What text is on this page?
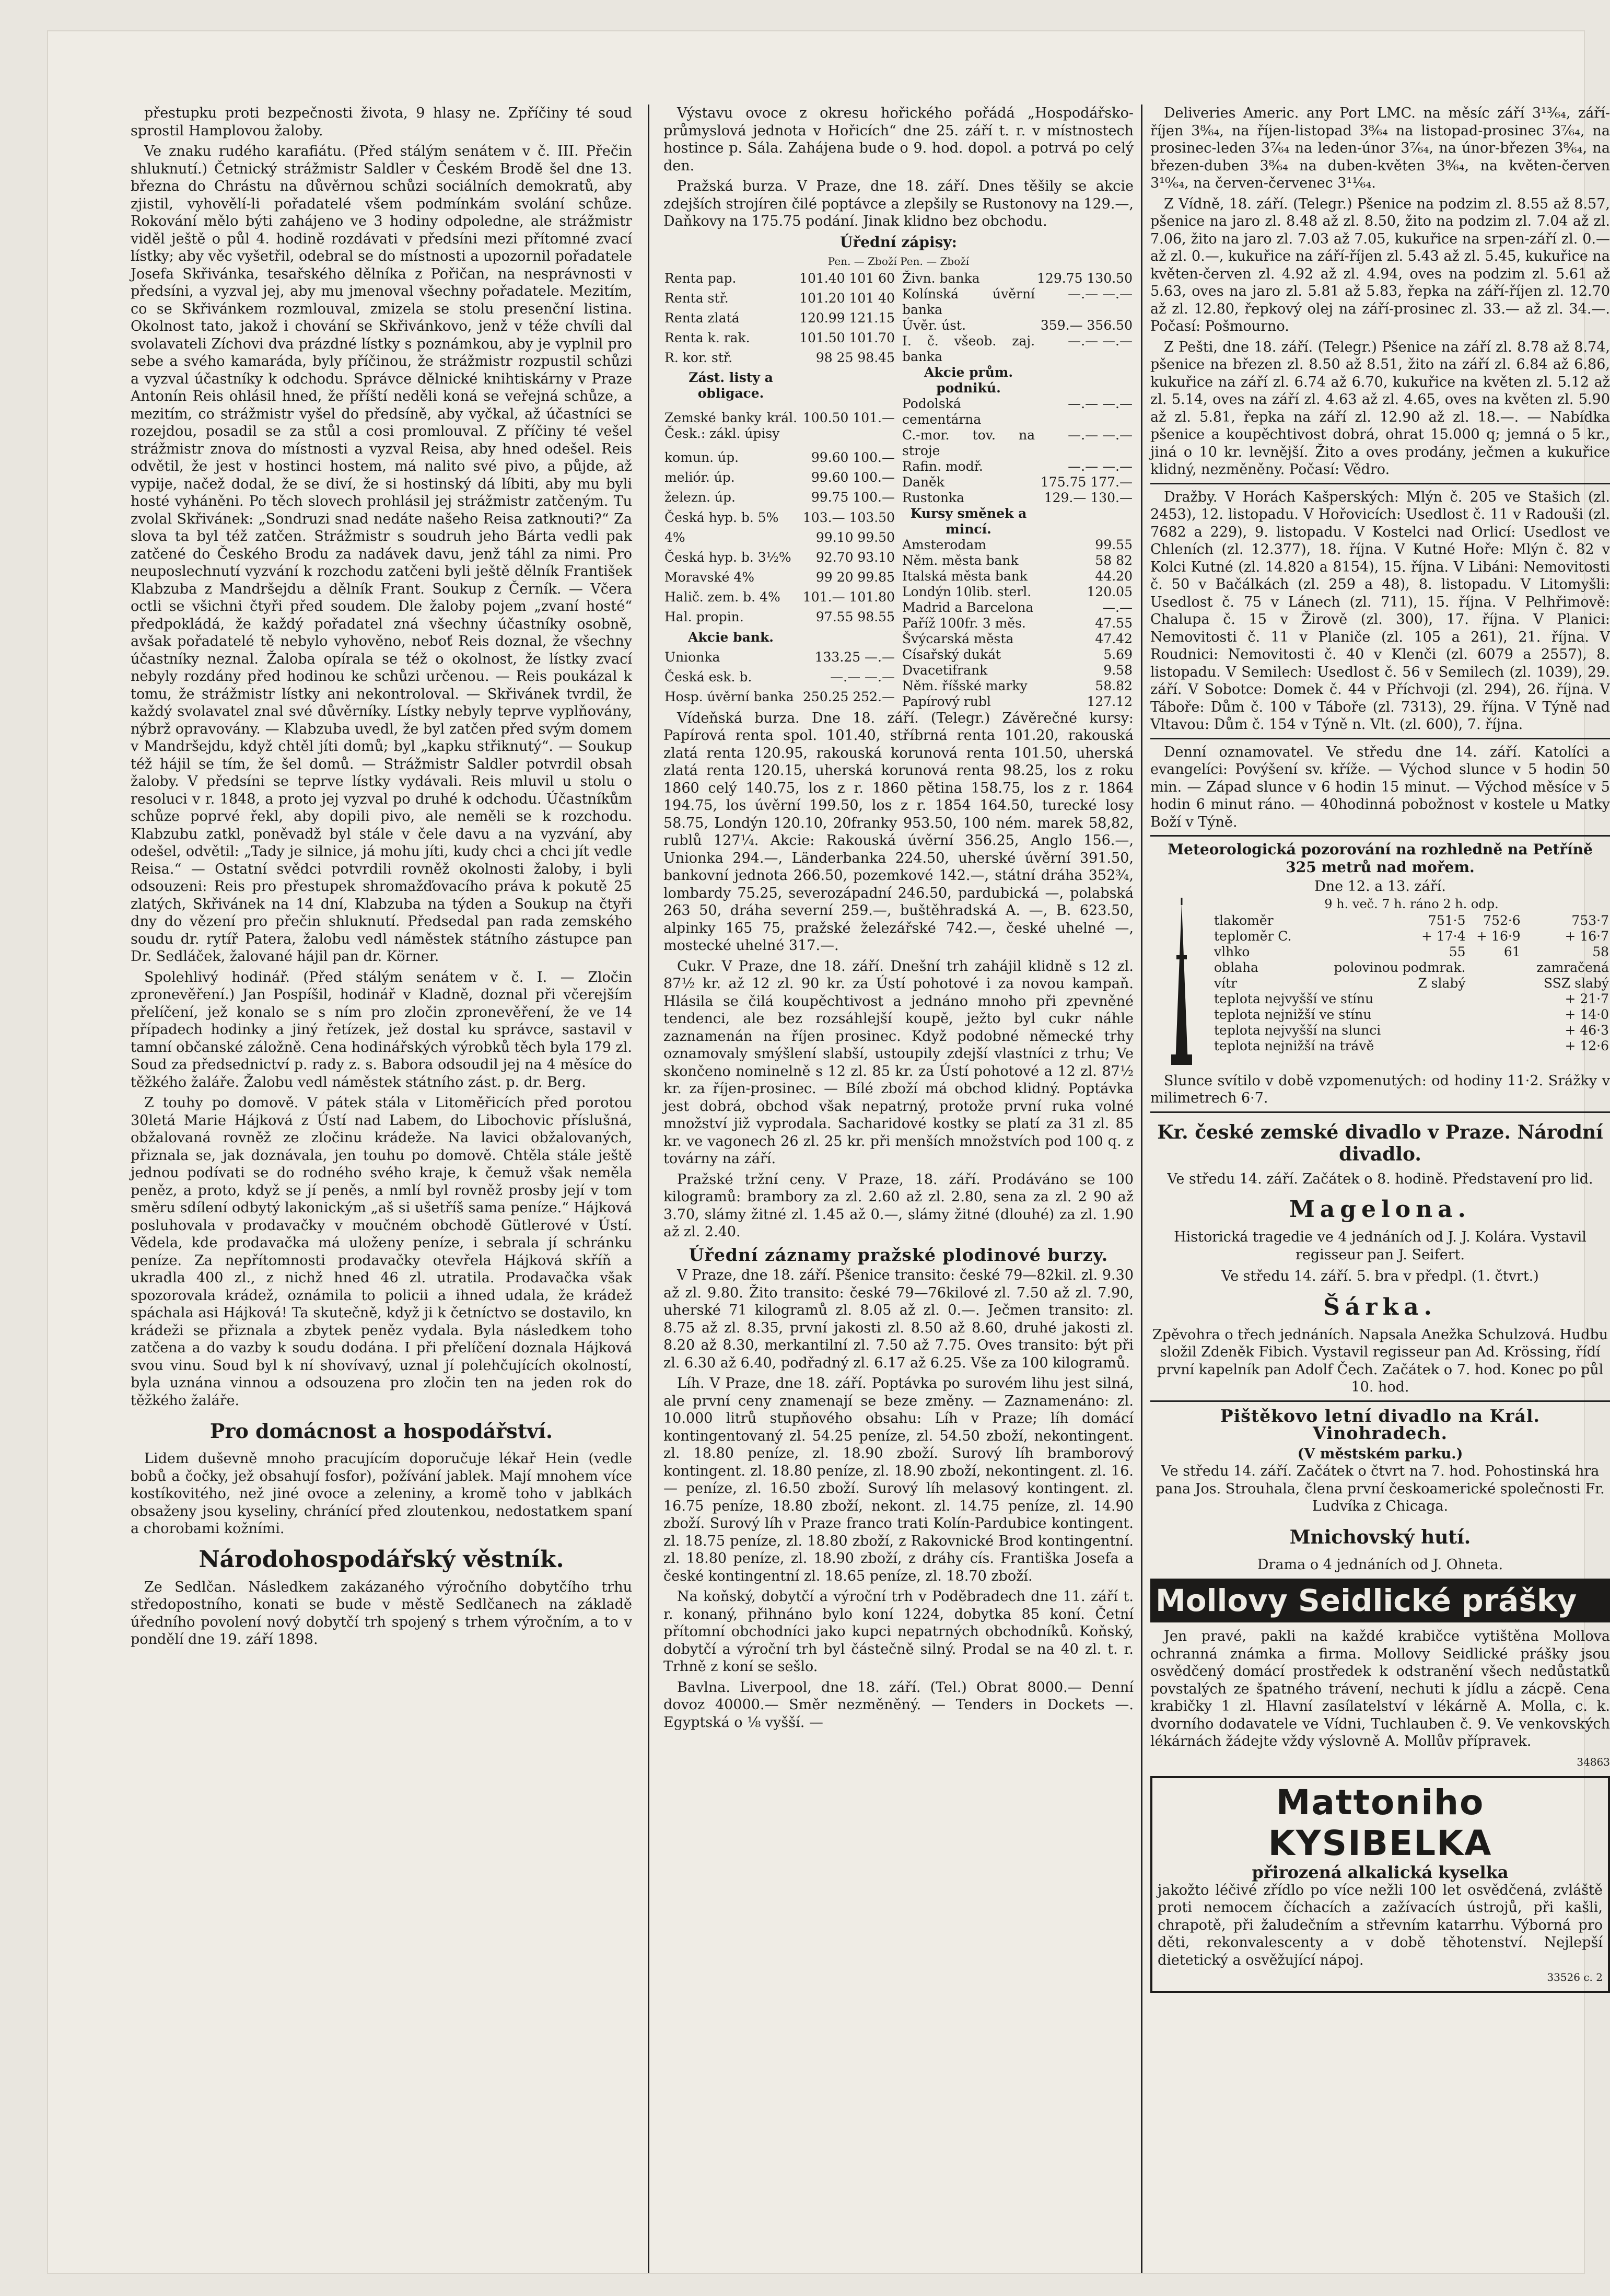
přestupku proti bezpečnosti života, 9 hlasy ne. Zpříčiny té soud sprostil Hamplovou žaloby.

Ve znaku rudého karafiátu. (Před stálým senátem v č. III. Přečin shluknutí.) Četnický strážmistr Saldler v Českém Brodě šel dne 13. března do Chrástu na důvěrnou schůzi sociálních demokratů, aby zjistil, vyhovělí-li pořadatelé všem podmínkám svolání schůze. Rokování mělo býti zahájeno ve 3 hodiny odpoledne, ale strážmistr viděl ještě o půl 4. hodině rozdávati v předsíni mezi přítomné zvací lístky; aby věc vyšetřil, odebral se do místnosti a upozornil pořadatele Josefa Skřivánka, tesařského dělníka z Pořičan, na nesprávnosti v předsíni, a vyzval jej, aby mu jmenoval všechny pořadatele. Mezitím, co se Skřivánkem rozmlouval, zmizela se stolu presenční listina. Okolnost tato, jakož i chování se Skřivánkovo, jenž v téže chvíli dal svolavateli Zíchovi dva prázdné lístky s poznámkou, aby je vyplnil pro sebe a svého kamaráda, byly příčinou, že strážmistr rozpustil schůzi a vyzval účastníky k odchodu. Správce dělnické knihtiskárny v Praze Antonín Reis ohlásil hned, že příští neděli koná se veřejná schůze, a mezitím, co strážmistr vyšel do předsíně, aby vyčkal, až účastníci se rozejdou, posadil se za stůl a cosi promlouval. Z příčiny té vešel strážmistr znova do místnosti a vyzval Reisa, aby hned odešel. Reis odvětil, že jest v hostinci hostem, má nalito své pivo, a půjde, až vypije, načež dodal, že se diví, že si hostinský dá líbiti, aby mu byli hosté vyháněni. Po těch slovech prohlásil jej strážmistr zatčeným. Tu zvolal Skřivánek: „Sondruzi snad nedáte našeho Reisa zatknouti?“ Za slova ta byl též zatčen. Strážmistr s soudruh jeho Bárta vedli pak zatčené do Českého Brodu za nadávek davu, jenž táhl za nimi. Pro neuposlechnutí vyzvání k rozchodu zatčeni byli ještě dělník František Klabzuba z Mandršejdu a dělník Frant. Soukup z Černík. — Včera octli se všichni čtyři před soudem. Dle žaloby pojem „zvaní hosté“ předpokládá, že každý pořadatel zná všechny účastníky osobně, avšak pořadatelé tě nebylo vyhověno, neboť Reis doznal, že všechny účastníky neznal. Žaloba opírala se též o okolnost, že lístky zvací nebyly rozdány před hodinou ke schůzi určenou. — Reis poukázal k tomu, že strážmistr lístky ani nekontroloval. — Skřivánek tvrdil, že každý svolavatel znal své důvěrníky. Lístky nebyly teprve vyplňovány, nýbrž opravovány. — Klabzuba uvedl, že byl zatčen před svým domem v Mandršejdu, když chtěl jíti domů; byl „kapku střiknutý“. — Soukup též hájil se tím, že šel domů. — Strážmistr Saldler potvrdil obsah žaloby. V předsíni se teprve lístky vydávali. Reis mluvil u stolu o resoluci v r. 1848, a proto jej vyzval po druhé k odchodu. Účastníkům schůze poprvé řekl, aby dopili pivo, ale neměli se k rozchodu. Klabzubu zatkl, poněvadž byl stále v čele davu a na vyzvání, aby odešel, odvětil: „Tady je silnice, já mohu jíti, kudy chci a chci jít vedle Reisa.“ — Ostatní svědci potvrdili rovněž okolnosti žaloby, i byli odsouzeni: Reis pro přestupek shromažďovacího práva k pokutě 25 zlatých, Skřivánek na 14 dní, Klabzuba na týden a Soukup na čtyři dny do vězení pro přečin shluknutí. Předsedal pan rada zemského soudu dr. rytíř Patera, žalobu vedl náměstek státního zástupce pan Dr. Sedláček, žalované hájil pan dr. Körner.

Spolehlivý hodinář. (Před stálým senátem v č. I. — Zločin zpronevěření.) Jan Pospíšil, hodinář v Kladně, doznal při včerejším přelíčení, jež konalo se s ním pro zločin zpronevěření, že ve 14 případech hodinky a jiný řetízek, jež dostal ku správce, sastavil v tamní občanské záložně. Cena hodinářských výrobků těch byla 179 zl. Soud za předsednictví p. rady z. s. Babora odsoudil jej na 4 měsíce do těžkého žaláře. Žalobu vedl náměstek státního zást. p. dr. Berg.

Z touhy po domově. V pátek stála v Litoměřicích před porotou 30letá Marie Hájková z Ústí nad Labem, do Libochovic příslušná, obžalovaná rovněž ze zločinu krádeže. Na lavici obžalovaných, přiznala se, jak doznávala, jen touhu po domově. Chtěla stále ještě jednou podívati se do rodného svého kraje, k čemuž však neměla peněz, a proto, když se jí peněs, a nmlí byl rovněž prosby její v tom směru sdílení odbytý lakonickým „aš si ušetříš sama peníze.“ Hájková posluhovala v prodavačky v moučném obchodě Gütlerové v Ústí. Vědela, kde prodavačka má uloženy peníze, i sebrala jí schránku peníze. Za nepřítomnosti prodavačky otevřela Hájková skříň a ukradla 400 zl., z nichž hned 46 zl. utratila. Prodavačka však spozorovala krádež, oznámila to policii a ihned udala, že krádež spáchala asi Hájková! Ta skutečně, když ji k četníctvo se dostavilo, kn krádeži se přiznala a zbytek peněz vydala. Byla následkem toho zatčena a do vazby k soudu dodána. I při přelíčení doznala Hájková svou vinu. Soud byl k ní shovívavý, uznal jí polehčujících okolností, byla uznána vinnou a odsouzena pro zločin ten na jeden rok do těžkého žaláře.

Pro domácnost a hospodářství.

Lidem duševně mnoho pracujícím doporučuje lékař Hein (vedle bobů a čočky, jež obsahují fosfor), požívání jablek. Mají mnohem více kostíkovitého, než jiné ovoce a zeleniny, a kromě toho v jablkách obsaženy jsou kyseliny, chránící před zloutenkou, nedostatkem spaní a chorobami kožními.

Národohospodářský věstník.

Ze Sedlčan. Následkem zakázaného výročního dobytčího trhu středopostního, konati se bude v městě Sedlčanech na základě úředního povolení nový dobytčí trh spojený s trhem výročním, a to v pondělí dne 19. září 1898.

Výstavu ovoce z okresu hořického pořádá „Hospodářsko-průmyslová jednota v Hořicích“ dne 25. září t. r. v místnostech hostince p. Sála. Zahájena bude o 9. hod. dopol. a potrvá po celý den.

Pražská burza. V Praze, dne 18. září. Dnes těšily se akcie zdejších strojíren čilé poptávce a zlepšily se Rustonovy na 129.—, Daňkovy na 175.75 podání. Jinak klidno bez obchodu.

Úřední zápisy:
Pen. — Zboží Pen. — Zboží
Renta pap.	101.40 101 60
Renta stř.	101.20 101 40
Renta zlatá	120.99 121.15
Renta k. rak.	101.50 101.70
R. kor. stř.	98 25 98.45
Zást. listy a obligace.	
Zemské banky král. Česk.: zákl. úpisy	100.50 101.—
komun. úp.	99.60 100.—
meliór. úp.	99.60 100.—
železn. úp.	99.75 100.—
Česká hyp. b. 5%	103.— 103.50
4%	99.10 99.50
Česká hyp. b. 3½%	92.70 93.10
Moravské 4%	99 20 99.85
Halič. zem. b. 4%	101.— 101.80
Hal. propin.	97.55 98.55
Akcie bank.	
Unionka	133.25 —.—
Česká esk. b.	—.— —.—
Hosp. úvěrní banka	250.25 252.—
Živn. banka	129.75 130.50
Kolínská úvěrní banka	—.— —.—
Úvěr. úst.	359.— 356.50
I. č. všeob. zaj. banka	—.— —.—
Akcie prům. podnikú.	
Podolská cementárna	—.— —.—
C.-mor. tov. na stroje	—.— —.—
Rafin. modř.	—.— —.—
Daněk	175.75 177.—
Rustonka	129.— 130.—
Kursy směnek a mincí.	
Amsterodam	99.55
Něm. města bank	58 82
Italská města bank	44.20
Londýn 10lib. sterl.	120.05
Madrid a Barcelona	—.—
Paříž 100fr. 3 měs.	47.55
Švýcarská města	47.42
Císařský dukát	5.69
Dvacetifrank	9.58
Něm. říšské marky	58.82
Papírový rubl	127.12

Vídeňská burza. Dne 18. září. (Telegr.) Závěrečné kursy: Papírová renta spol. 101.40, stříbrná renta 101.20, rakouská zlatá renta 120.95, rakouská korunová renta 101.50, uherská zlatá renta 120.15, uherská korunová renta 98.25, los z roku 1860 celý 140.75, los z r. 1860 pětina 158.75, los z r. 1864 194.75, los úvěrní 199.50, los z r. 1854 164.50, turecké losy 58.75, Londýn 120.10, 20franky 953.50, 100 ném. marek 58,82, rublů 127¼. Akcie: Rakouská úvěrní 356.25, Anglo 156.—, Unionka 294.—, Länderbanka 224.50, uherské úvěrní 391.50, bankovní jednota 266.50, pozemkové 142.—, státní dráha 352¾, lombardy 75.25, severozápadní 246.50, pardubická —, polabská 263 50, dráha severní 259.—, buštěhradská A. —, B. 623.50, alpinky 165 75, pražské železářské 742.—, české uhelné —, mostecké uhelné 317.—.

Cukr. V Praze, dne 18. září. Dnešní trh zahájil klidně s 12 zl. 87½ kr. až 12 zl. 90 kr. za Ústí pohotové i za novou kampaň. Hlásila se čilá koupěchtivost a jednáno mnoho při zpevněné tendenci, ale bez rozsáhlejší koupě, ježto byl cukr náhle zaznamenán na říjen prosinec. Když podobné německé trhy oznamovaly smýšlení slabší, ustoupily zdejší vlastníci z trhu; Ve skončeno nominelně s 12 zl. 85 kr. za Ústí pohotové a 12 zl. 87½ kr. za říjen-prosinec. — Bílé zboží má obchod klidný. Poptávka jest dobrá, obchod však nepatrný, protože první ruka volné množství již vyprodala. Sacharidové kostky se platí za 31 zl. 85 kr. ve vagonech 26 zl. 25 kr. při menších množstvích pod 100 q. z továrny na září.

Pražské tržní ceny. V Praze, 18. září. Prodáváno se 100 kilogramů: brambory za zl. 2.60 až zl. 2.80, sena za zl. 2 90 až 3.70, slámy žitné zl. 1.45 až 0.—, slámy žitné (dlouhé) za zl. 1.90 až zl. 2.40.

Úřední záznamy pražské plodinové burzy.

V Praze, dne 18. září. Pšenice transito: české 79—82kil. zl. 9.30 až zl. 9.80. Žito transito: české 79—76kilové zl. 7.50 až zl. 7.90, uherské 71 kilogramů zl. 8.05 až zl. 0.—. Ječmen transito: zl. 8.75 až zl. 8.35, první jakosti zl. 8.50 až 8.60, druhé jakosti zl. 8.20 až 8.30, merkantilní zl. 7.50 až 7.75. Oves transito: být při zl. 6.30 až 6.40, podřadný zl. 6.17 až 6.25. Vše za 100 kilogramů.

Líh. V Praze, dne 18. září. Poptávka po surovém lihu jest silná, ale první ceny znamenají se beze změny. — Zaznamenáno: zl. 10.000 litrů stupňového obsahu: Líh v Praze; líh domácí kontingentovaný zl. 54.25 peníze, zl. 54.50 zboží, nekontingent. zl. 18.80 peníze, zl. 18.90 zboží. Surový líh bramborový kontingent. zl. 18.80 peníze, zl. 18.90 zboží, nekontingent. zl. 16.— peníze, zl. 16.50 zboží. Surový líh melasový kontingent. zl. 16.75 peníze, 18.80 zboží, nekont. zl. 14.75 peníze, zl. 14.90 zboží. Surový líh v Praze franco trati Kolín-Pardubice kontingent. zl. 18.75 peníze, zl. 18.80 zboží, z Rakovnické Brod kontingentní. zl. 18.80 peníze, zl. 18.90 zboží, z dráhy cís. Františka Josefa a české kontingentní zl. 18.65 peníze, zl. 18.70 zboží.

Na koňský, dobytčí a výroční trh v Poděbradech dne 11. září t. r. konaný, přihnáno bylo koní 1224, dobytka 85 koní. Četní přítomní obchodníci jako kupci nepatrných obchodníků. Koňský, dobytčí a výroční trh byl částečně silný. Prodal se na 40 zl. t. r. Trhně z koní se sešlo.

Bavlna. Liverpool, dne 18. září. (Tel.) Obrat 8000.— Denní dovoz 40000.— Směr nezměněný. — Tenders in Dockets —. Egyptská o ⅛ vyšší. —

Deliveries Americ. any Port LMC. na měsíc září 3¹³⁄₆₄, září-říjen 3⁸⁄₆₄, na říjen-listopad 3⁸⁄₆₄ na listopad-prosinec 3⁷⁄₆₄, na prosinec-leden 3⁷⁄₆₄ na leden-únor 3⁷⁄₆₄, na únor-březen 3⁸⁄₆₄, na březen-duben 3⁸⁄₆₄ na duben-květen 3⁸⁄₆₄, na květen-červen 3¹⁰⁄₆₄, na červen-červenec 3¹¹⁄₆₄.

Z Vídně, 18. září. (Telegr.) Pšenice na podzim zl. 8.55 až 8.57, pšenice na jaro zl. 8.48 až zl. 8.50, žito na podzim zl. 7.04 až zl. 7.06, žito na jaro zl. 7.03 až 7.05, kukuřice na srpen-září zl. 0.— až zl. 0.—, kukuřice na září-říjen zl. 5.43 až zl. 5.45, kukuřice na květen-červen zl. 4.92 až zl. 4.94, oves na podzim zl. 5.61 až 5.63, oves na jaro zl. 5.81 až 5.83, řepka na září-říjen zl. 12.70 až zl. 12.80, řepkový olej na září-prosinec zl. 33.— až zl. 34.—. Počasí: Pošmourno.

Z Pešti, dne 18. září. (Telegr.) Pšenice na září zl. 8.78 až 8.74, pšenice na březen zl. 8.50 až 8.51, žito na září zl. 6.84 až 6.86, kukuřice na září zl. 6.74 až 6.70, kukuřice na květen zl. 5.12 až zl. 5.14, oves na září zl. 4.63 až zl. 4.65, oves na květen zl. 5.90 až zl. 5.81, řepka na září zl. 12.90 až zl. 18.—. — Nabídka pšenice a koupěchtivost dobrá, ohrat 15.000 q; jemná o 5 kr., jiná o 10 kr. levnější. Žito a oves prodány, ječmen a kukuřice klidný, nezměněny. Počasí: Vědro.

Dražby. V Horách Kašperských: Mlýn č. 205 ve Stašich (zl. 2453), 12. listopadu. V Hořovicích: Usedlost č. 11 v Radouši (zl. 7682 a 229), 9. listopadu. V Kostelci nad Orlicí: Usedlost ve Chleních (zl. 12.377), 18. října. V Kutné Hoře: Mlýn č. 82 v Kolci Kutné (zl. 14.820 a 8154), 15. října. V Libáni: Nemovitosti č. 50 v Bačálkách (zl. 259 a 48), 8. listopadu. V Litomyšli: Usedlost č. 75 v Lánech (zl. 711), 15. října. V Pelhřimově: Chalupa č. 15 v Žirově (zl. 300), 17. října. V Planici: Nemovitosti č. 11 v Planiče (zl. 105 a 261), 21. října. V Roudnici: Nemovitosti č. 40 v Klenči (zl. 6079 a 2557), 8. listopadu. V Semilech: Usedlost č. 56 v Semilech (zl. 1039), 29. září. V Sobotce: Domek č. 44 v Příchvoji (zl. 294), 26. října. V Táboře: Dům č. 100 v Táboře (zl. 7313), 29. října. V Týně nad Vltavou: Dům č. 154 v Týně n. Vlt. (zl. 600), 7. října.

Denní oznamovatel. Ve středu dne 14. září. Katolíci a evangelíci: Povýšení sv. kříže. — Východ slunce v 5 hodin 50 min. — Západ slunce v 6 hodin 15 minut. — Východ měsíce v 5 hodin 6 minut ráno. — 40hodinná pobožnost v kostele u Matky Boží v Týně.

Meteorologická pozorování na rozhledně na Petříně 325 metrů nad mořem.
Dne 12. a 13. září.
9 h. več. 7 h. ráno 2 h. odp.
tlakoměr	751·5	752·6	753·7
teploměr C.	+ 17·4	+ 16·9	+ 16·7
vlhko	55	61	58
oblaha	polovinou podmrak.		zamračená
vítr	Z slabý		SSZ slabý
teplota nejvyšší ve stínu	+ 21·7
teplota nejnižší ve stínu	+ 14·0
teplota nejvyšší na slunci	+ 46·3
teplota nejnižší na trávě	+ 12·6

Slunce svítilo v době vzpomenutých: od hodiny 11·2. Srážky v milimetrech 6·7.

Kr. české zemské divadlo v Praze. Národní divadlo.
Ve středu 14. září. Začátek o 8. hodině. Představení pro lid.
Magelona.
Historická tragedie ve 4 jednáních od J. J. Kolára. Vystavil regisseur pan J. Seifert.
Ve středu 14. září. 5. bra v předpl. (1. čtvrt.)
Šárka.
Zpěvohra o třech jednáních. Napsala Anežka Schulzová. Hudbu složil Zdeněk Fibich. Vystavil regisseur pan Ad. Krössing, řídí první kapelník pan Adolf Čech. Začátek o 7. hod. Konec po půl 10. hod.
Pištěkovo letní divadlo na Král. Vinohradech.
(V městském parku.)
Ve středu 14. září. Začátek o čtvrt na 7. hod. Pohostinská hra pana Jos. Strouhala, člena první českoamerické společnosti Fr. Ludvíka z Chicaga.
Mnichovský hutí.
Drama o 4 jednáních od J. Ohneta.
Mollovy Seidlické prášky

Jen pravé, pakli na každé krabičce vytištěna Mollova ochranná známka a firma. Mollovy Seidlické prášky jsou osvědčený domácí prostředek k odstranění všech nedůstatků povstalých ze špatného trávení, nechuti k jídlu a zácpě. Cena krabičky 1 zl. Hlavní zasílatelství v lékárně A. Molla, c. k. dvorního dodavatele ve Vídni, Tuchlauben č. 9. Ve venkovských lékárnách žádejte vždy výslovně A. Mollův přípravek.

34863
Mattoniho KYSIBELKA
přirozená alkalická kyselka
jakožto léčivé zřídlo po více nežli 100 let osvědčená, zvláště proti nemocem číchacích a zažívacích ústrojů, při kašli, chrapotě, při žaludečním a střevním katarrhu. Výborná pro děti, rekonvalescenty a v době těhotenství. Nejlepší dietetický a osvěžující nápoj.
33526 c. 2
